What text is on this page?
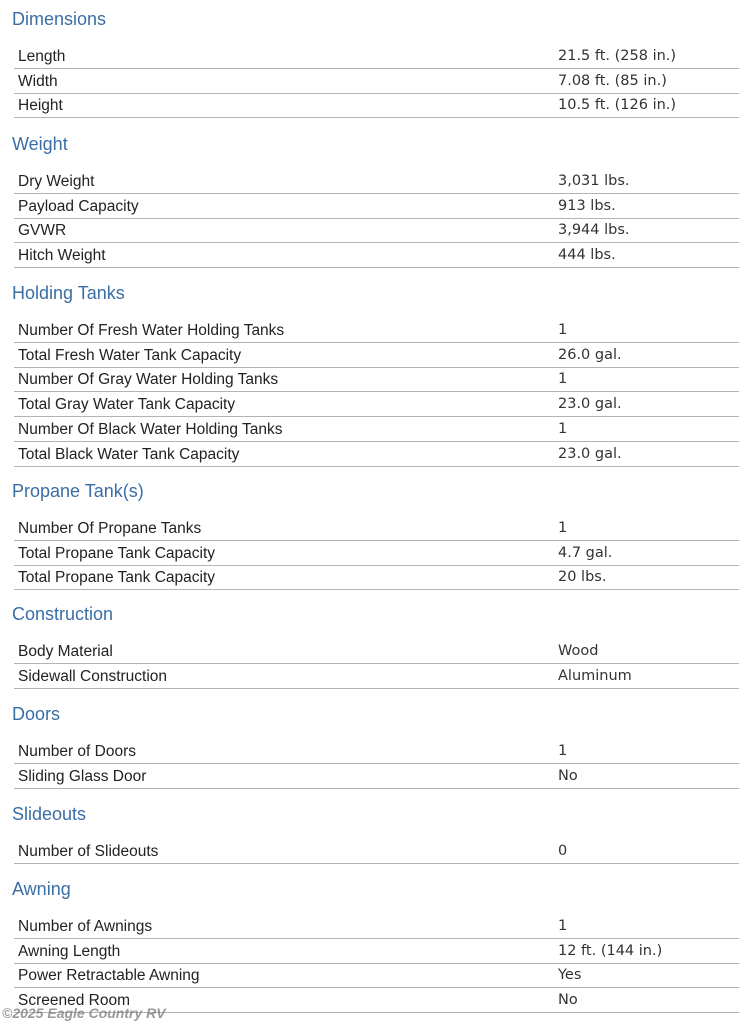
Dimensions
Length	21.5 ft. (258 in.)
Width	7.08 ft. (85 in.)
Height	10.5 ft. (126 in.)
Weight
Dry Weight	3,031 lbs.
Payload Capacity	913 lbs.
GVWR	3,944 lbs.
Hitch Weight	444 lbs.
Holding Tanks
Number Of Fresh Water Holding Tanks	1
Total Fresh Water Tank Capacity	26.0 gal.
Number Of Gray Water Holding Tanks	1
Total Gray Water Tank Capacity	23.0 gal.
Number Of Black Water Holding Tanks	1
Total Black Water Tank Capacity	23.0 gal.
Propane Tank(s)
Number Of Propane Tanks	1
Total Propane Tank Capacity	4.7 gal.
Total Propane Tank Capacity	20 lbs.
Construction
Body Material	Wood
Sidewall Construction	Aluminum
Doors
Number of Doors	1
Sliding Glass Door	No
Slideouts
Number of Slideouts	0
Awning
Number of Awnings	1
Awning Length	12 ft. (144 in.)
Power Retractable Awning	Yes
Screened Room	No
©2025 Eagle Country RV
